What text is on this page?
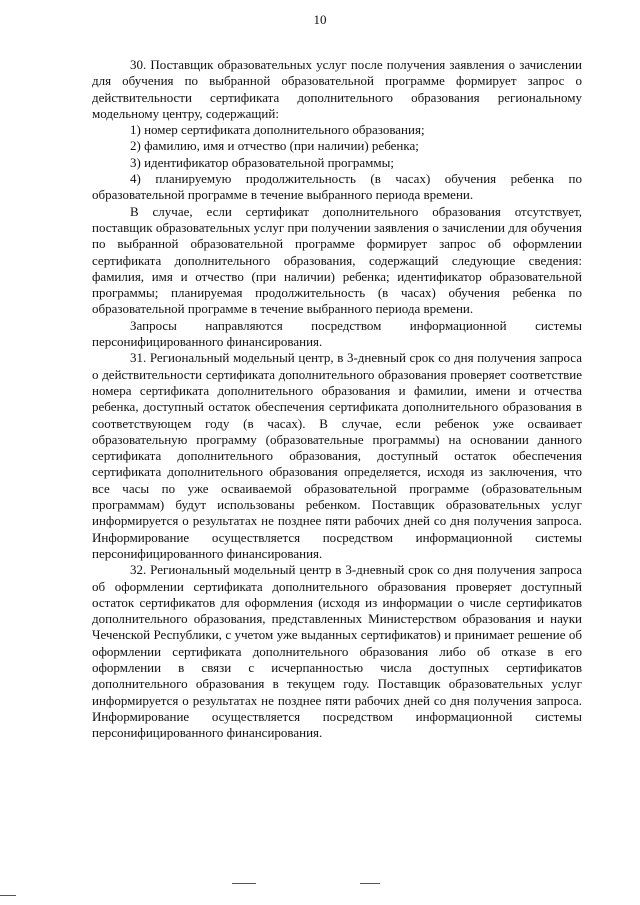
10

30. Поставщик образовательных услуг после получения заявления о зачислении для обучения по выбранной образовательной программе формирует запрос о действительности сертификата дополнительного образования региональному модельному центру, содержащий:

1) номер сертификата дополнительного образования;

2) фамилию, имя и отчество (при наличии) ребенка;

3) идентификатор образовательной программы;

4) планируемую продолжительность (в часах) обучения ребенка по образовательной программе в течение выбранного периода времени.

В случае, если сертификат дополнительного образования отсутствует, поставщик образовательных услуг при получении заявления о зачислении для обучения по выбранной образовательной программе формирует запрос об оформлении сертификата дополнительного образования, содержащий следующие сведения: фамилия, имя и отчество (при наличии) ребенка; идентификатор образовательной программы; планируемая продолжительность (в часах) обучения ребенка по образовательной программе в течение выбранного периода времени.

Запросы направляются посредством информационной системы персонифицированного финансирования.

31. Региональный модельный центр, в 3-дневный срок со дня получения запроса о действительности сертификата дополнительного образования проверяет соответствие номера сертификата дополнительного образования и фамилии, имени и отчества ребенка, доступный остаток обеспечения сертификата дополнительного образования в соответствующем году (в часах). В случае, если ребенок уже осваивает образовательную программу (образовательные программы) на основании данного сертификата дополнительного образования, доступный остаток обеспечения сертификата дополнительного образования определяется, исходя из заключения, что все часы по уже осваиваемой образовательной программе (образовательным программам) будут использованы ребенком. Поставщик образовательных услуг информируется о результатах не позднее пяти рабочих дней со дня получения запроса. Информирование осуществляется посредством информационной системы персонифицированного финансирования.

32. Региональный модельный центр в 3-дневный срок со дня получения запроса об оформлении сертификата дополнительного образования проверяет доступный остаток сертификатов для оформления (исходя из информации о числе сертификатов дополнительного образования, представленных Министерством образования и науки Чеченской Республики, с учетом уже выданных сертификатов) и принимает решение об оформлении сертификата дополнительного образования либо об отказе в его оформлении в связи с исчерпанностью числа доступных сертификатов дополнительного образования в текущем году. Поставщик образовательных услуг информируется о результатах не позднее пяти рабочих дней со дня получения запроса. Информирование осуществляется посредством информационной системы персонифицированного финансирования.
